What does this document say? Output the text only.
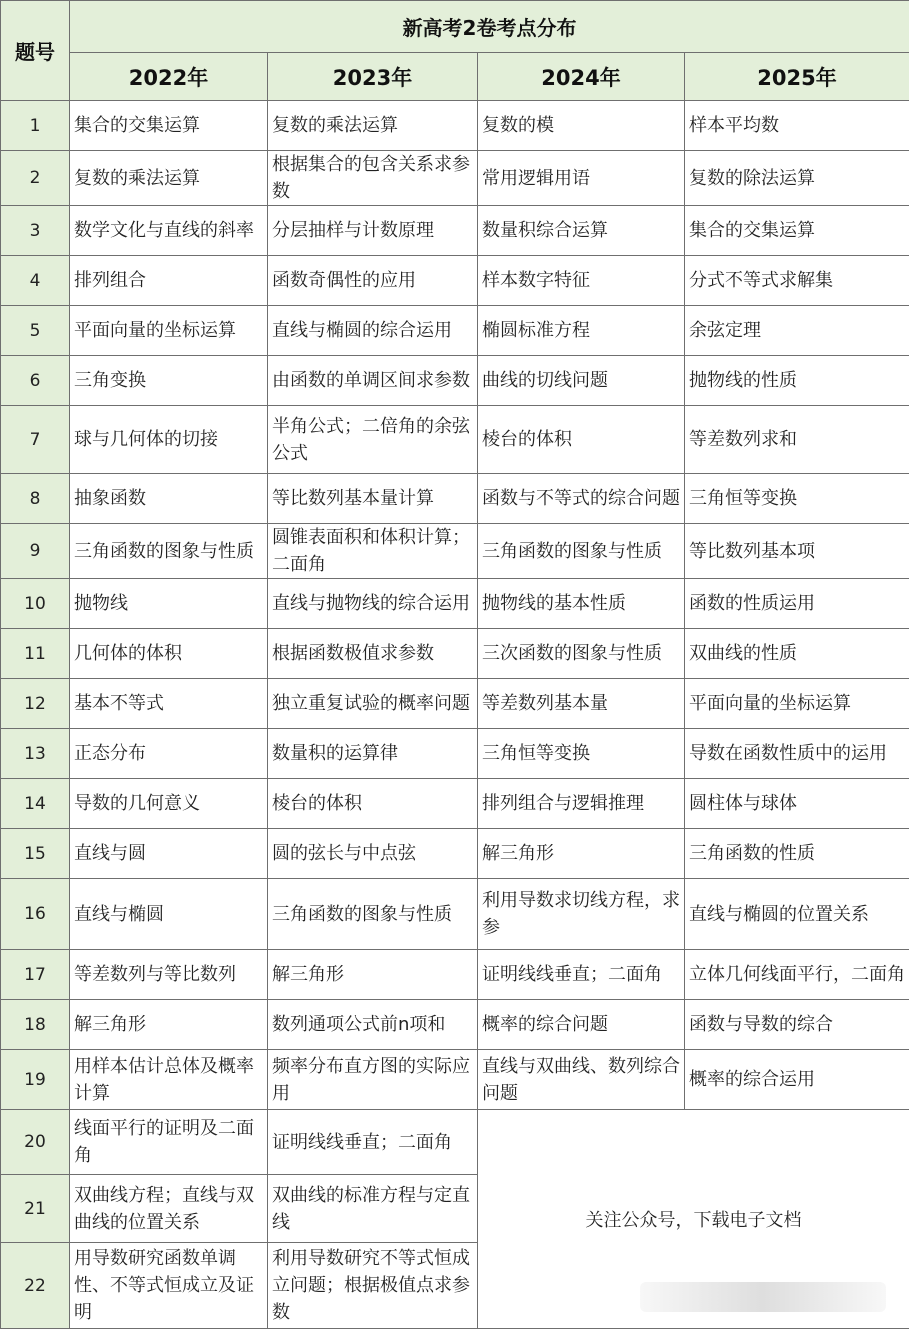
题号	新高考2卷考点分布			
	2022年	2023年	2024年	2025年
1	集合的交集运算	复数的乘法运算	复数的模	样本平均数
2	复数的乘法运算	根据集合的包含关系求参数	常用逻辑用语	复数的除法运算
3	数学文化与直线的斜率	分层抽样与计数原理	数量积综合运算	集合的交集运算
4	排列组合	函数奇偶性的应用	样本数字特征	分式不等式求解集
5	平面向量的坐标运算	直线与椭圆的综合运用	椭圆标准方程	余弦定理
6	三角变换	由函数的单调区间求参数	曲线的切线问题	抛物线的性质
7	球与几何体的切接	半角公式；二倍角的余弦公式	棱台的体积	等差数列求和
8	抽象函数	等比数列基本量计算	函数与不等式的综合问题	三角恒等变换
9	三角函数的图象与性质	圆锥表面积和体积计算；二面角	三角函数的图象与性质	等比数列基本项
10	抛物线	直线与抛物线的综合运用	抛物线的基本性质	函数的性质运用
11	几何体的体积	根据函数极值求参数	三次函数的图象与性质	双曲线的性质
12	基本不等式	独立重复试验的概率问题	等差数列基本量	平面向量的坐标运算
13	正态分布	数量积的运算律	三角恒等变换	导数在函数性质中的运用
14	导数的几何意义	棱台的体积	排列组合与逻辑推理	圆柱体与球体
15	直线与圆	圆的弦长与中点弦	解三角形	三角函数的性质
16	直线与椭圆	三角函数的图象与性质	利用导数求切线方程，求参	直线与椭圆的位置关系
17	等差数列与等比数列	解三角形	证明线线垂直；二面角	立体几何线面平行，二面角
18	解三角形	数列通项公式前n项和	概率的综合问题	函数与导数的综合
19	用样本估计总体及概率计算	频率分布直方图的实际应用	直线与双曲线、数列综合问题	概率的综合运用
20	线面平行的证明及二面角	证明线线垂直；二面角	关注公众号，下载电子文档	
21	双曲线方程；直线与双曲线的位置关系	双曲线的标准方程与定直线		
22	用导数研究函数单调性、不等式恒成立及证明	利用导数研究不等式恒成立问题；根据极值点求参数		
